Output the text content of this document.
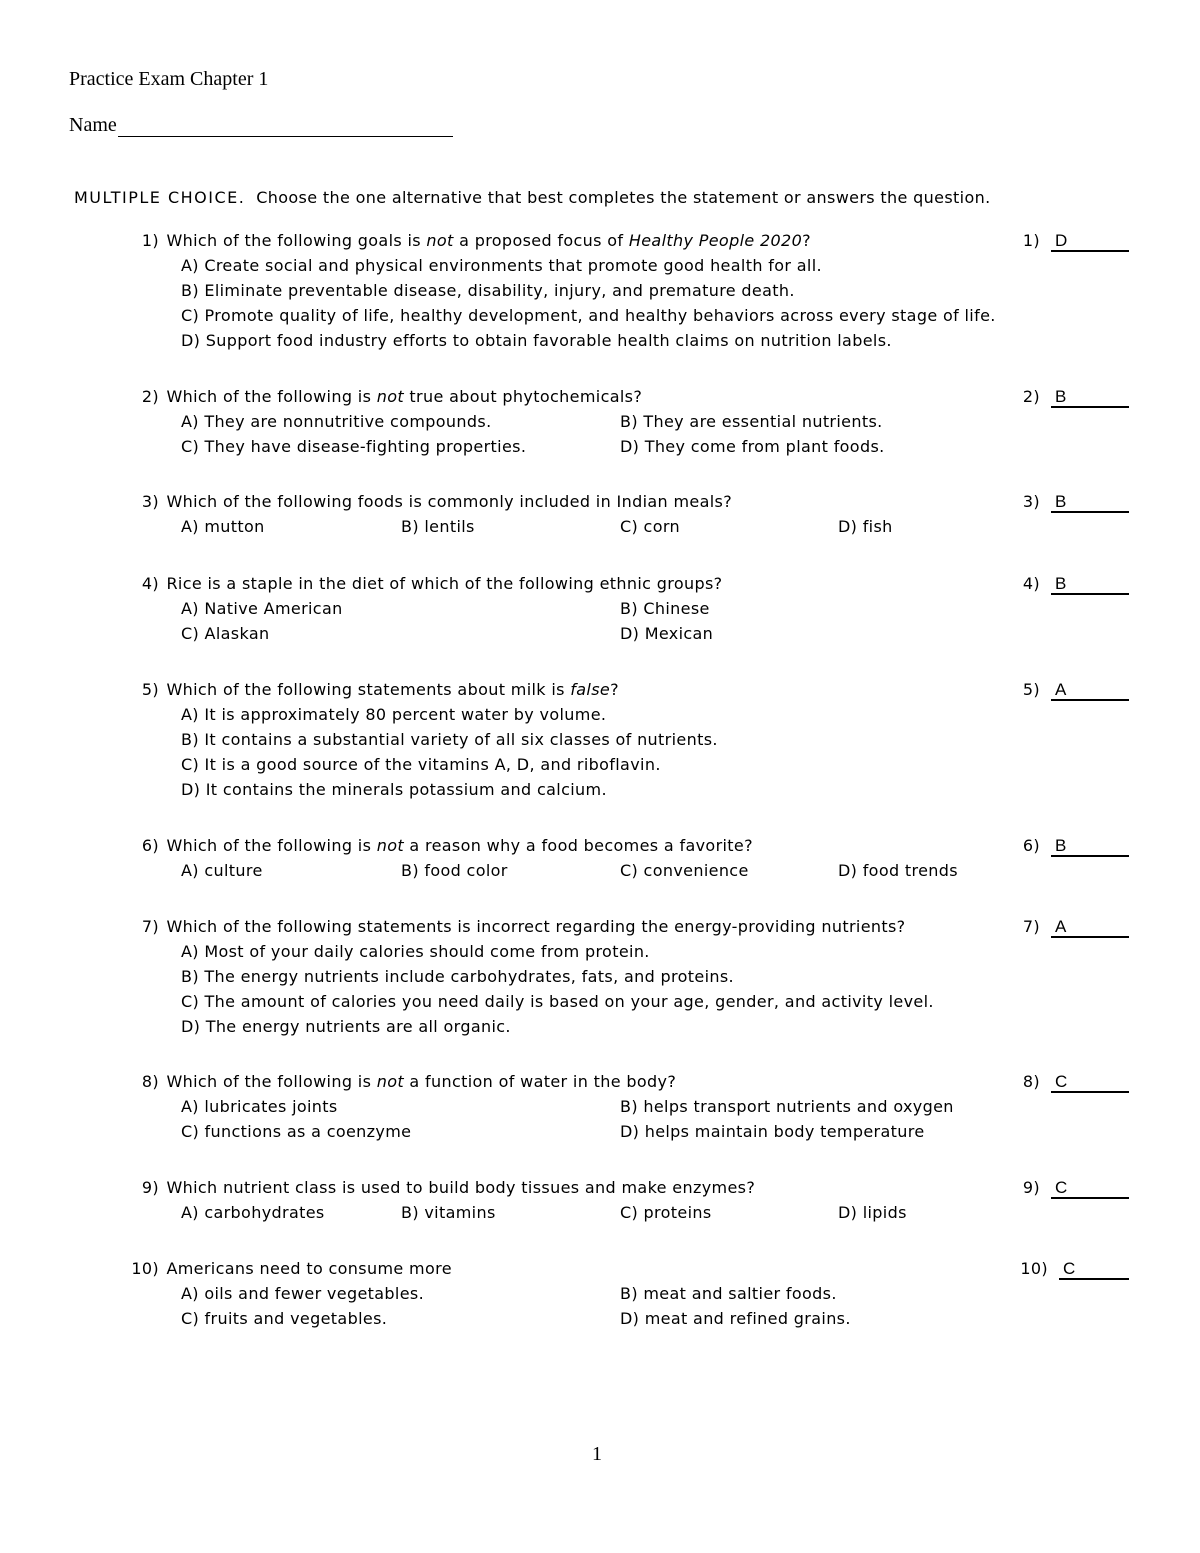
Practice Exam Chapter 1
Name
MULTIPLE CHOICE. Choose the one alternative that best completes the statement or answers the question.
1) Which of the following goals is not a proposed focus of Healthy People 2020?
A) Create social and physical environments that promote good health for all.
B) Eliminate preventable disease, disability, injury, and premature death.
C) Promote quality of life, healthy development, and healthy behaviors across every stage of life.
D) Support food industry efforts to obtain favorable health claims on nutrition labels.
1) D
2) Which of the following is not true about phytochemicals?
A) They are nonnutritive compounds.	B) They are essential nutrients.
C) They have disease-fighting properties.	D) They come from plant foods.
2) B
3) Which of the following foods is commonly included in Indian meals?
A) mutton	B) lentils	C) corn	D) fish
3) B
4) Rice is a staple in the diet of which of the following ethnic groups?
A) Native American	B) Chinese
C) Alaskan	D) Mexican
4) B
5) Which of the following statements about milk is false?
A) It is approximately 80 percent water by volume.
B) It contains a substantial variety of all six classes of nutrients.
C) It is a good source of the vitamins A, D, and riboflavin.
D) It contains the minerals potassium and calcium.
5) A
6) Which of the following is not a reason why a food becomes a favorite?
A) culture	B) food color	C) convenience	D) food trends
6) B
7) Which of the following statements is incorrect regarding the energy-providing nutrients?
A) Most of your daily calories should come from protein.
B) The energy nutrients include carbohydrates, fats, and proteins.
C) The amount of calories you need daily is based on your age, gender, and activity level.
D) The energy nutrients are all organic.
7) A
8) Which of the following is not a function of water in the body?
A) lubricates joints	B) helps transport nutrients and oxygen
C) functions as a coenzyme	D) helps maintain body temperature
8) C
9) Which nutrient class is used to build body tissues and make enzymes?
A) carbohydrates	B) vitamins	C) proteins	D) lipids
9) C
10) Americans need to consume more
A) oils and fewer vegetables.	B) meat and saltier foods.
C) fruits and vegetables.	D) meat and refined grains.
10) C
1
